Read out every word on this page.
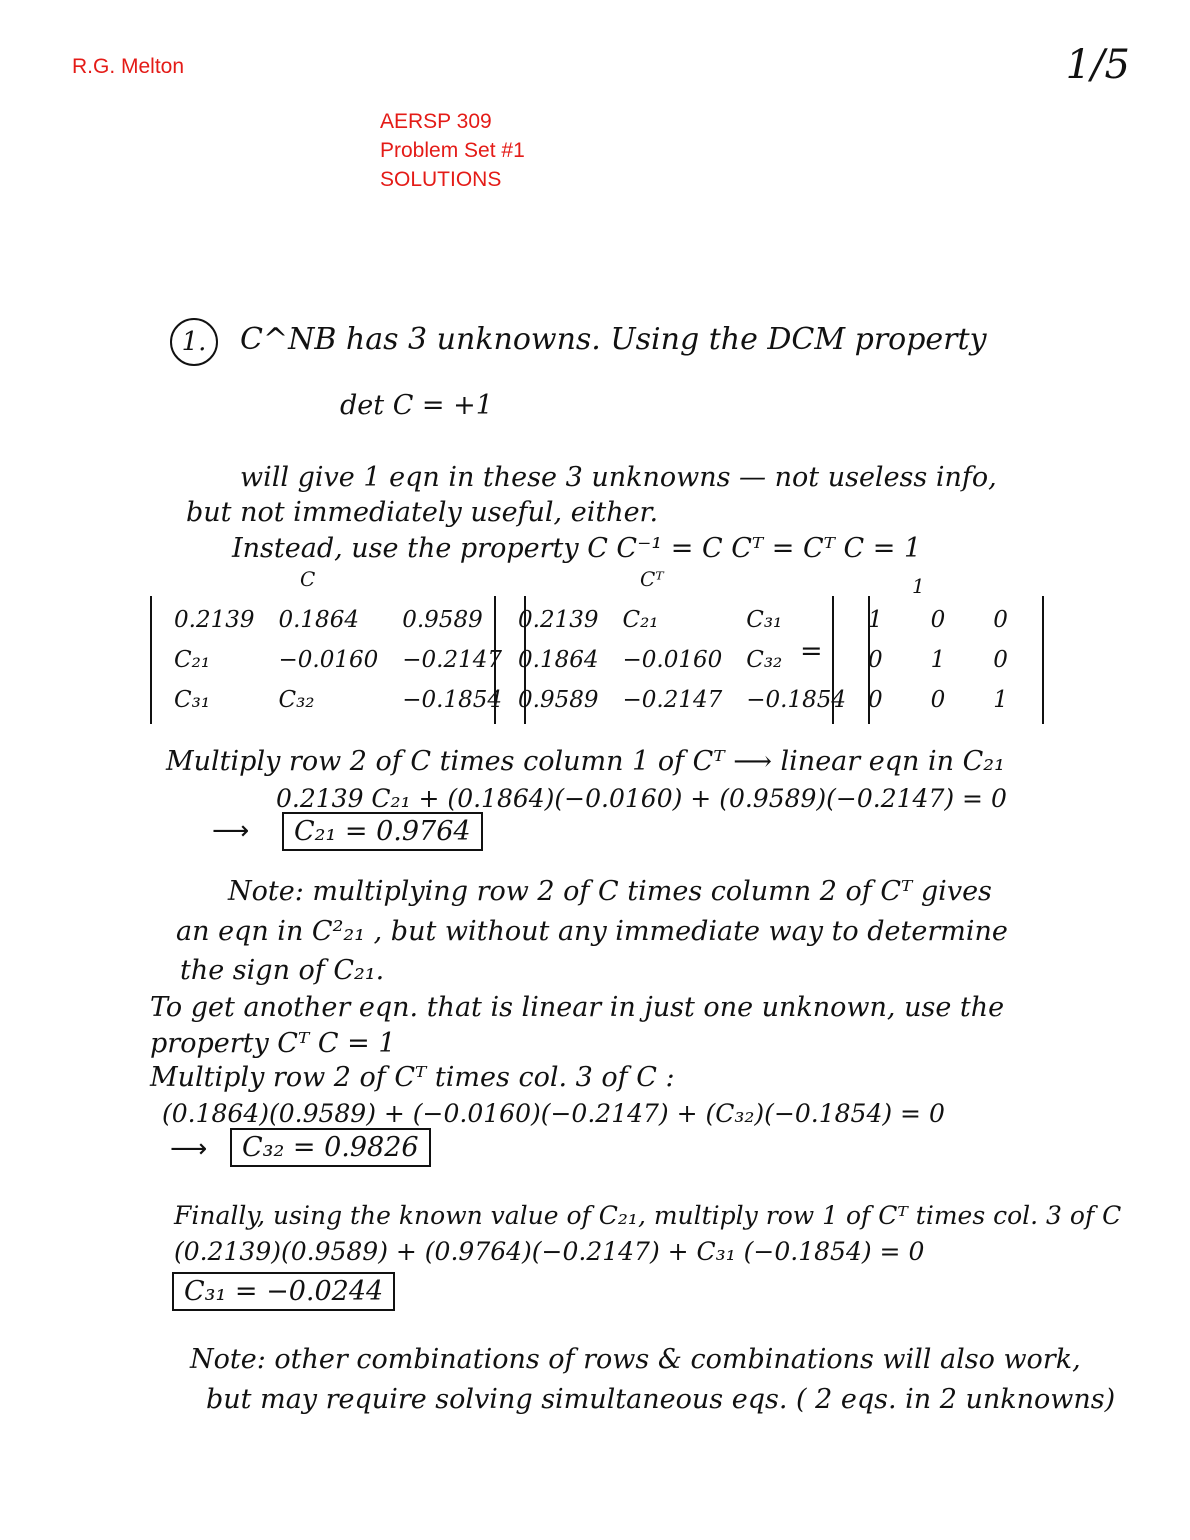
R.G. Melton
AERSP 309
Problem Set #1
SOLUTIONS
1/5
1.	C^NB has 3 unknowns. Using the DCM property
det C = +1
will give 1 eqn in these 3 unknowns — not useless info,
but not immediately useful, either.
Instead, use the property C C⁻¹ = C Cᵀ = Cᵀ C = 1
C	Cᵀ	1
0.2139	0.1864	0.9589
C₂₁	−0.0160	−0.2147
C₃₁	C₃₂	−0.1854
0.2139	C₂₁	C₃₁
0.1864	−0.0160	C₃₂
0.9589	−0.2147	−0.1854
=
1	0	0
0	1	0
0	0	1
Multiply row 2 of C times column 1 of Cᵀ ⟶ linear eqn in C₂₁
0.2139 C₂₁ + (0.1864)(−0.0160) + (0.9589)(−0.2147) = 0
⟶	C₂₁ = 0.9764
Note: multiplying row 2 of C times column 2 of Cᵀ gives
an eqn in C²₂₁ , but without any immediate way to determine
the sign of C₂₁.
To get another eqn. that is linear in just one unknown, use the
property Cᵀ C = 1
Multiply row 2 of Cᵀ times col. 3 of C :
(0.1864)(0.9589) + (−0.0160)(−0.2147) + (C₃₂)(−0.1854) = 0
⟶	C₃₂ = 0.9826
Finally, using the known value of C₂₁, multiply row 1 of Cᵀ times col. 3 of C
(0.2139)(0.9589) + (0.9764)(−0.2147) + C₃₁ (−0.1854) = 0
C₃₁ = −0.0244
Note: other combinations of rows & combinations will also work,
but may require solving simultaneous eqs. ( 2 eqs. in 2 unknowns)
